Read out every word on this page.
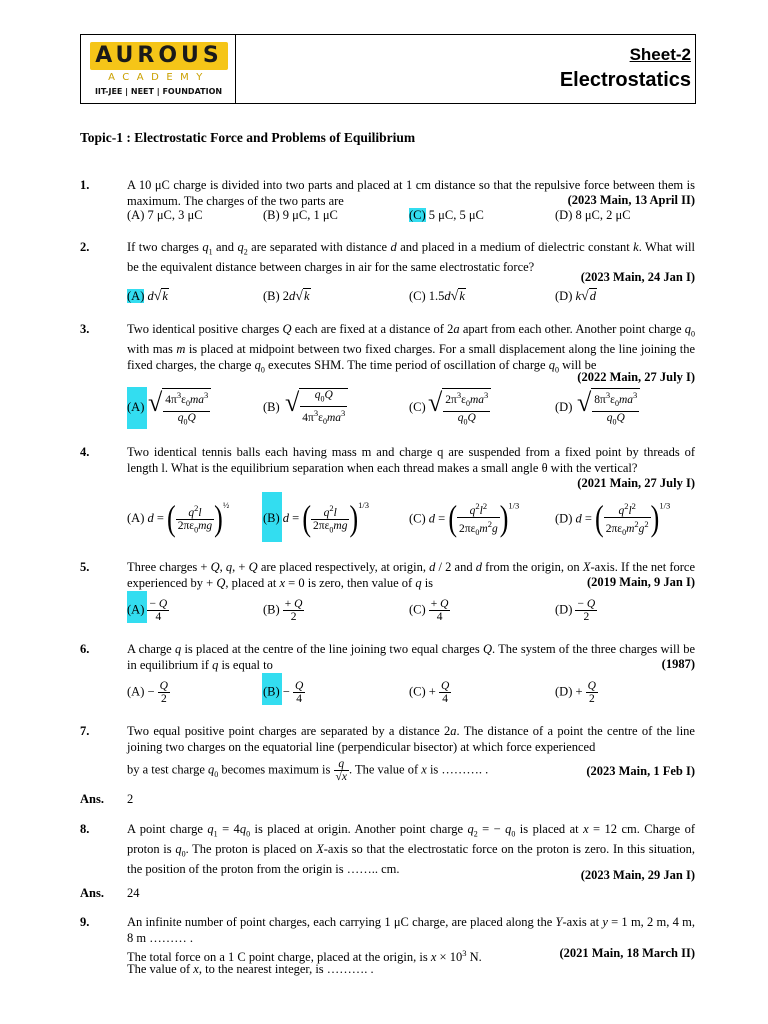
AUROUS
ACADEMY
IIT-JEE | NEET | FOUNDATION
Sheet-2
Electrostatics
Topic-1 : Electrostatic Force and Problems of Equilibrium
1.	A 10 μC charge is divided into two parts and placed at 1 cm distance so that the repulsive force between them is maximum. The charges of the two parts are	(2023 Main, 13 April II)
(A) 7 μC, 3 μC	(B) 9 μC, 1 μC	(C) 5 μC, 5 μC	(D) 8 μC, 2 μC
2.	If two charges $q_1$ and $q_2$ are separated with distance d and placed in a medium of dielectric constant k. What will be the equivalent distance between charges in air for the same electrostatic force?
(2023 Main, 24 Jan I)
(A) d√k	(B) 2d√k	(C) 1.5d√k	(D) k√d
3.	Two identical positive charges Q each are fixed at a distance of 2a apart from each other. Another point charge $q_0$ with mas m is placed at midpoint between two fixed charges. For a small displacement along the line joining the fixed charges, the charge $q_0$ executes SHM. The time period of oscillation of charge $q_0$ will be
(2022 Main, 27 July I)
(A) √ $\frac{4\pi^3\varepsilon_0ma^3}{q_0Q}$	(B) √ $\frac{q_0Q}{4\pi^3\varepsilon_0ma^3}$	(C) √ $\frac{2\pi^3\varepsilon_0ma^3}{q_0Q}$	(D) √ $\frac{8\pi^3\varepsilon_0ma^3}{q_0Q}$
4.	Two identical tennis balls each having mass m and charge q are suspended from a fixed point by threads of length l. What is the equilibrium separation when each thread makes a small angle θ with the vertical?
(2021 Main, 27 July I)
(A) d = ( $\frac{q^2l}{2\pi\varepsilon_0mg} )^{\frac{1}{2}}$
(B) d = ( $\frac{q^2l}{2\pi\varepsilon_0mg} )^{1/3}$
(C) d = ( $\frac{q^2l^2}{2\pi\varepsilon_0m^2g} )^{1/3}$
(D) d = ( $\frac{q^2l^2}{2\pi\varepsilon_0m^2g^2} )^{1/3}$
5.	Three charges + Q, q, + Q are placed respectively, at origin, d / 2 and d from the origin, on X-axis. If the net force experienced by + Q, placed at x = 0 is zero, then value of q is	(2019 Main, 9 Jan I)
$(A) \frac{- Q}{4}$	$(B) \frac{+ Q}{2}$	$(C) \frac{+ Q}{4}$	$(D) \frac{- Q}{2}$
6.	A charge q is placed at the centre of the line joining two equal charges Q. The system of the three charges will be in equilibrium if q is equal to	(1987)
$(A) - \frac{Q}{2}$	$(B) - \frac{Q}{4}$	$(C) + \frac{Q}{4}$	$(D) + \frac{Q}{2}$
7.	Two equal positive point charges are separated by a distance 2a. The distance of a point the centre of the line joining two charges on the equatorial line (perpendicular bisector) at which force experienced
by a test charge $q_0$ becomes maximum is $\frac{q}{√x}$ . The value of x is ………. .	(2023 Main, 1 Feb I)
Ans. 2
8.	A point charge $q_1 = 4q_0$ is placed at origin. Another point charge $q_2$ = − $q_0$ is placed at x = 12 cm. Charge of proton is $q_0$. The proton is placed on X-axis so that the electrostatic force on the proton is zero. In this situation, the position of the proton from the origin is …….. cm.	(2023 Main, 29 Jan I)
Ans. 24
9.	An infinite number of point charges, each carrying 1 μC charge, are placed along the Y-axis at y = 1 m, 2 m, 4 m, 8 m ……… .
The total force on a 1 C point charge, placed at the origin, is $x \times 10^3$ N.	(2021 Main, 18 March II)
The value of x, to the nearest integer, is ………. .
